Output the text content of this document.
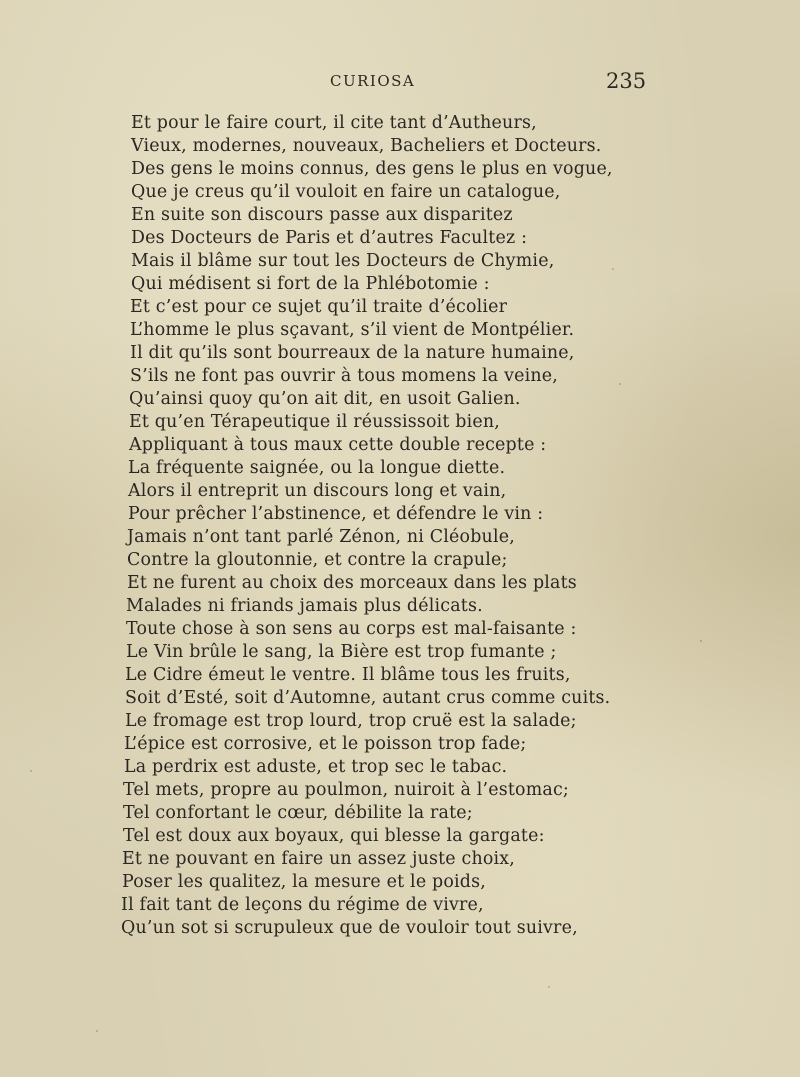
CURIOSA	235
Et pour le faire court, il cite tant d’Autheurs,
Vieux, modernes, nouveaux, Bacheliers et Docteurs.
Des gens le moins connus, des gens le plus en vogue,
Que je creus qu’il vouloit en faire un catalogue,
En suite son discours passe aux disparitez
Des Docteurs de Paris et d’autres Facultez :
Mais il blâme sur tout les Docteurs de Chymie,
Qui médisent si fort de la Phlébotomie :
Et c’est pour ce sujet qu’il traite d’écolier
L’homme le plus sçavant, s’il vient de Montpélier.
Il dit qu’ils sont bourreaux de la nature humaine,
S’ils ne font pas ouvrir à tous momens la veine,
Qu’ainsi quoy qu’on ait dit, en usoit Galien.
Et qu’en Térapeutique il réussissoit bien,
Appliquant à tous maux cette double recepte :
La fréquente saignée, ou la longue diette.
Alors il entreprit un discours long et vain,
Pour prêcher l’abstinence, et défendre le vin :
Jamais n’ont tant parlé Zénon, ni Cléobule,
Contre la gloutonnie, et contre la crapule;
Et ne furent au choix des morceaux dans les plats
Malades ni friands jamais plus délicats.
Toute chose à son sens au corps est mal-faisante :
Le Vin brûle le sang, la Bière est trop fumante ;
Le Cidre émeut le ventre. Il blâme tous les fruits,
Soit d’Esté, soit d’Automne, autant crus comme cuits.
Le fromage est trop lourd, trop cruë est la salade;
L’épice est corrosive, et le poisson trop fade;
La perdrix est aduste, et trop sec le tabac.
Tel mets, propre au poulmon, nuiroit à l’estomac;
Tel confortant le cœur, débilite la rate;
Tel est doux aux boyaux, qui blesse la gargate:
Et ne pouvant en faire un assez juste choix,
Poser les qualitez, la mesure et le poids,
Il fait tant de leçons du régime de vivre,
Qu’un sot si scrupuleux que de vouloir tout suivre,
